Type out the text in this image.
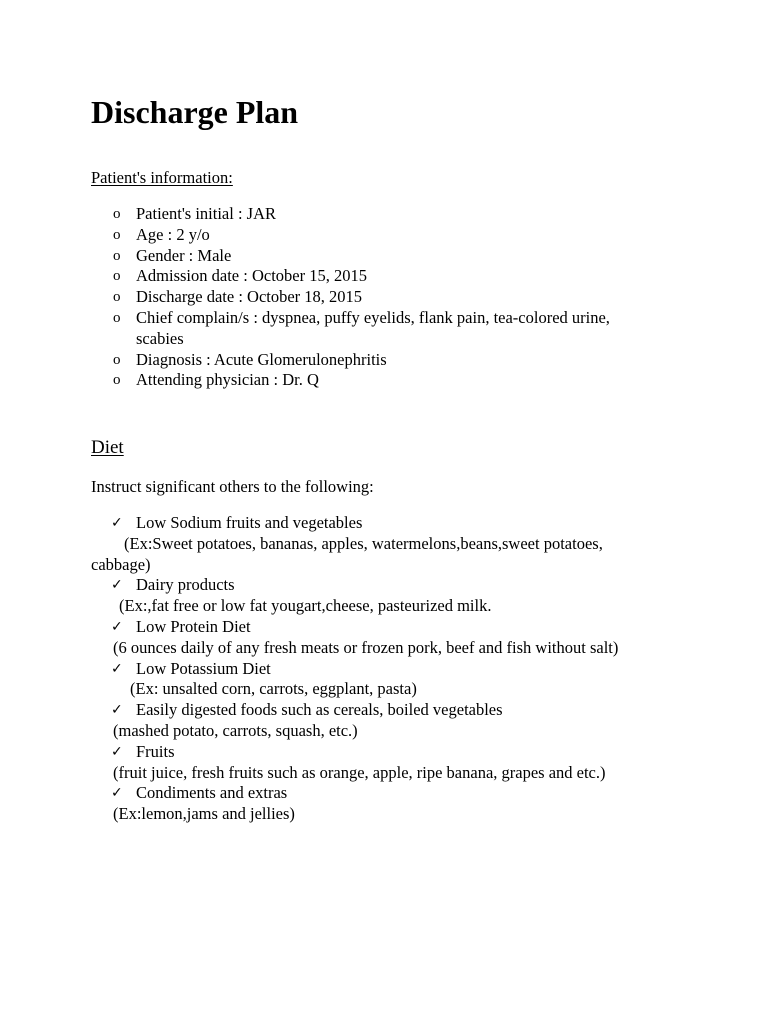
Discharge Plan
Patient's information:
o Patient's initial : JAR
o Age : 2 y/o
o Gender : Male
o Admission date : October 15, 2015
o Discharge date : October 18, 2015
o Chief complain/s : dyspnea, puffy eyelids, flank pain, tea-colored urine, scabies
o Diagnosis : Acute Glomerulonephritis
o Attending physician : Dr. Q
Diet
Instruct significant others to the following:
✓ Low Sodium fruits and vegetables
(Ex:Sweet potatoes, bananas, apples, watermelons,beans,sweet potatoes,
cabbage)
✓ Dairy products
(Ex:,fat free or low fat yougart,cheese, pasteurized milk.
✓ Low Protein Diet
(6 ounces daily of any fresh meats or frozen pork, beef and fish without salt)
✓ Low Potassium Diet
(Ex: unsalted corn, carrots, eggplant, pasta)
✓ Easily digested foods such as cereals, boiled vegetables
(mashed potato, carrots, squash, etc.)
✓ Fruits
(fruit juice, fresh fruits such as orange, apple, ripe banana, grapes and etc.)
✓ Condiments and extras
(Ex:lemon,jams and jellies)
